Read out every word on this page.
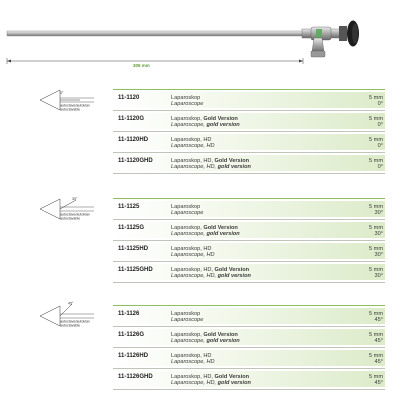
305 mm
0°
autoclave/autoklav
autoclavable
11-1120	Laparoskop
Laparoscope
5 mm
0°
11-1120G	Laparoskop, Gold Version
Laparoscope, gold version
5 mm
0°
11-1120HD	Laparoskop, HD
Laparoscope, HD
5 mm
0°
11-1120GHD	Laparoskop, HD, Gold Version
Laparoscope, HD, gold version
5 mm
0°
30°
autoclave/autoklav
autoclavable
11-1125	Laparoskop
Laparoscope
5 mm
30°
11-1125G	Laparoskop, Gold Version
Laparoscope, gold version
5 mm
30°
11-1125HD	Laparoskop, HD
Laparoscope, HD
5 mm
30°
11-1125GHD	Laparoskop, HD, Gold Version
Laparoscope, HD, gold version
5 mm
30°
45°
autoclave/autoklav
autoclavable
11-1126	Laparoskop
Laparoscope
5 mm
45°
11-1126G	Laparoskop, Gold Version
Laparoscope, gold version
5 mm
45°
11-1126HD	Laparoskop, HD
Laparoscope, HD
5 mm
45°
11-1126GHD	Laparoskop, HD, Gold Version
Laparoscope, HD, gold version
5 mm
45°
